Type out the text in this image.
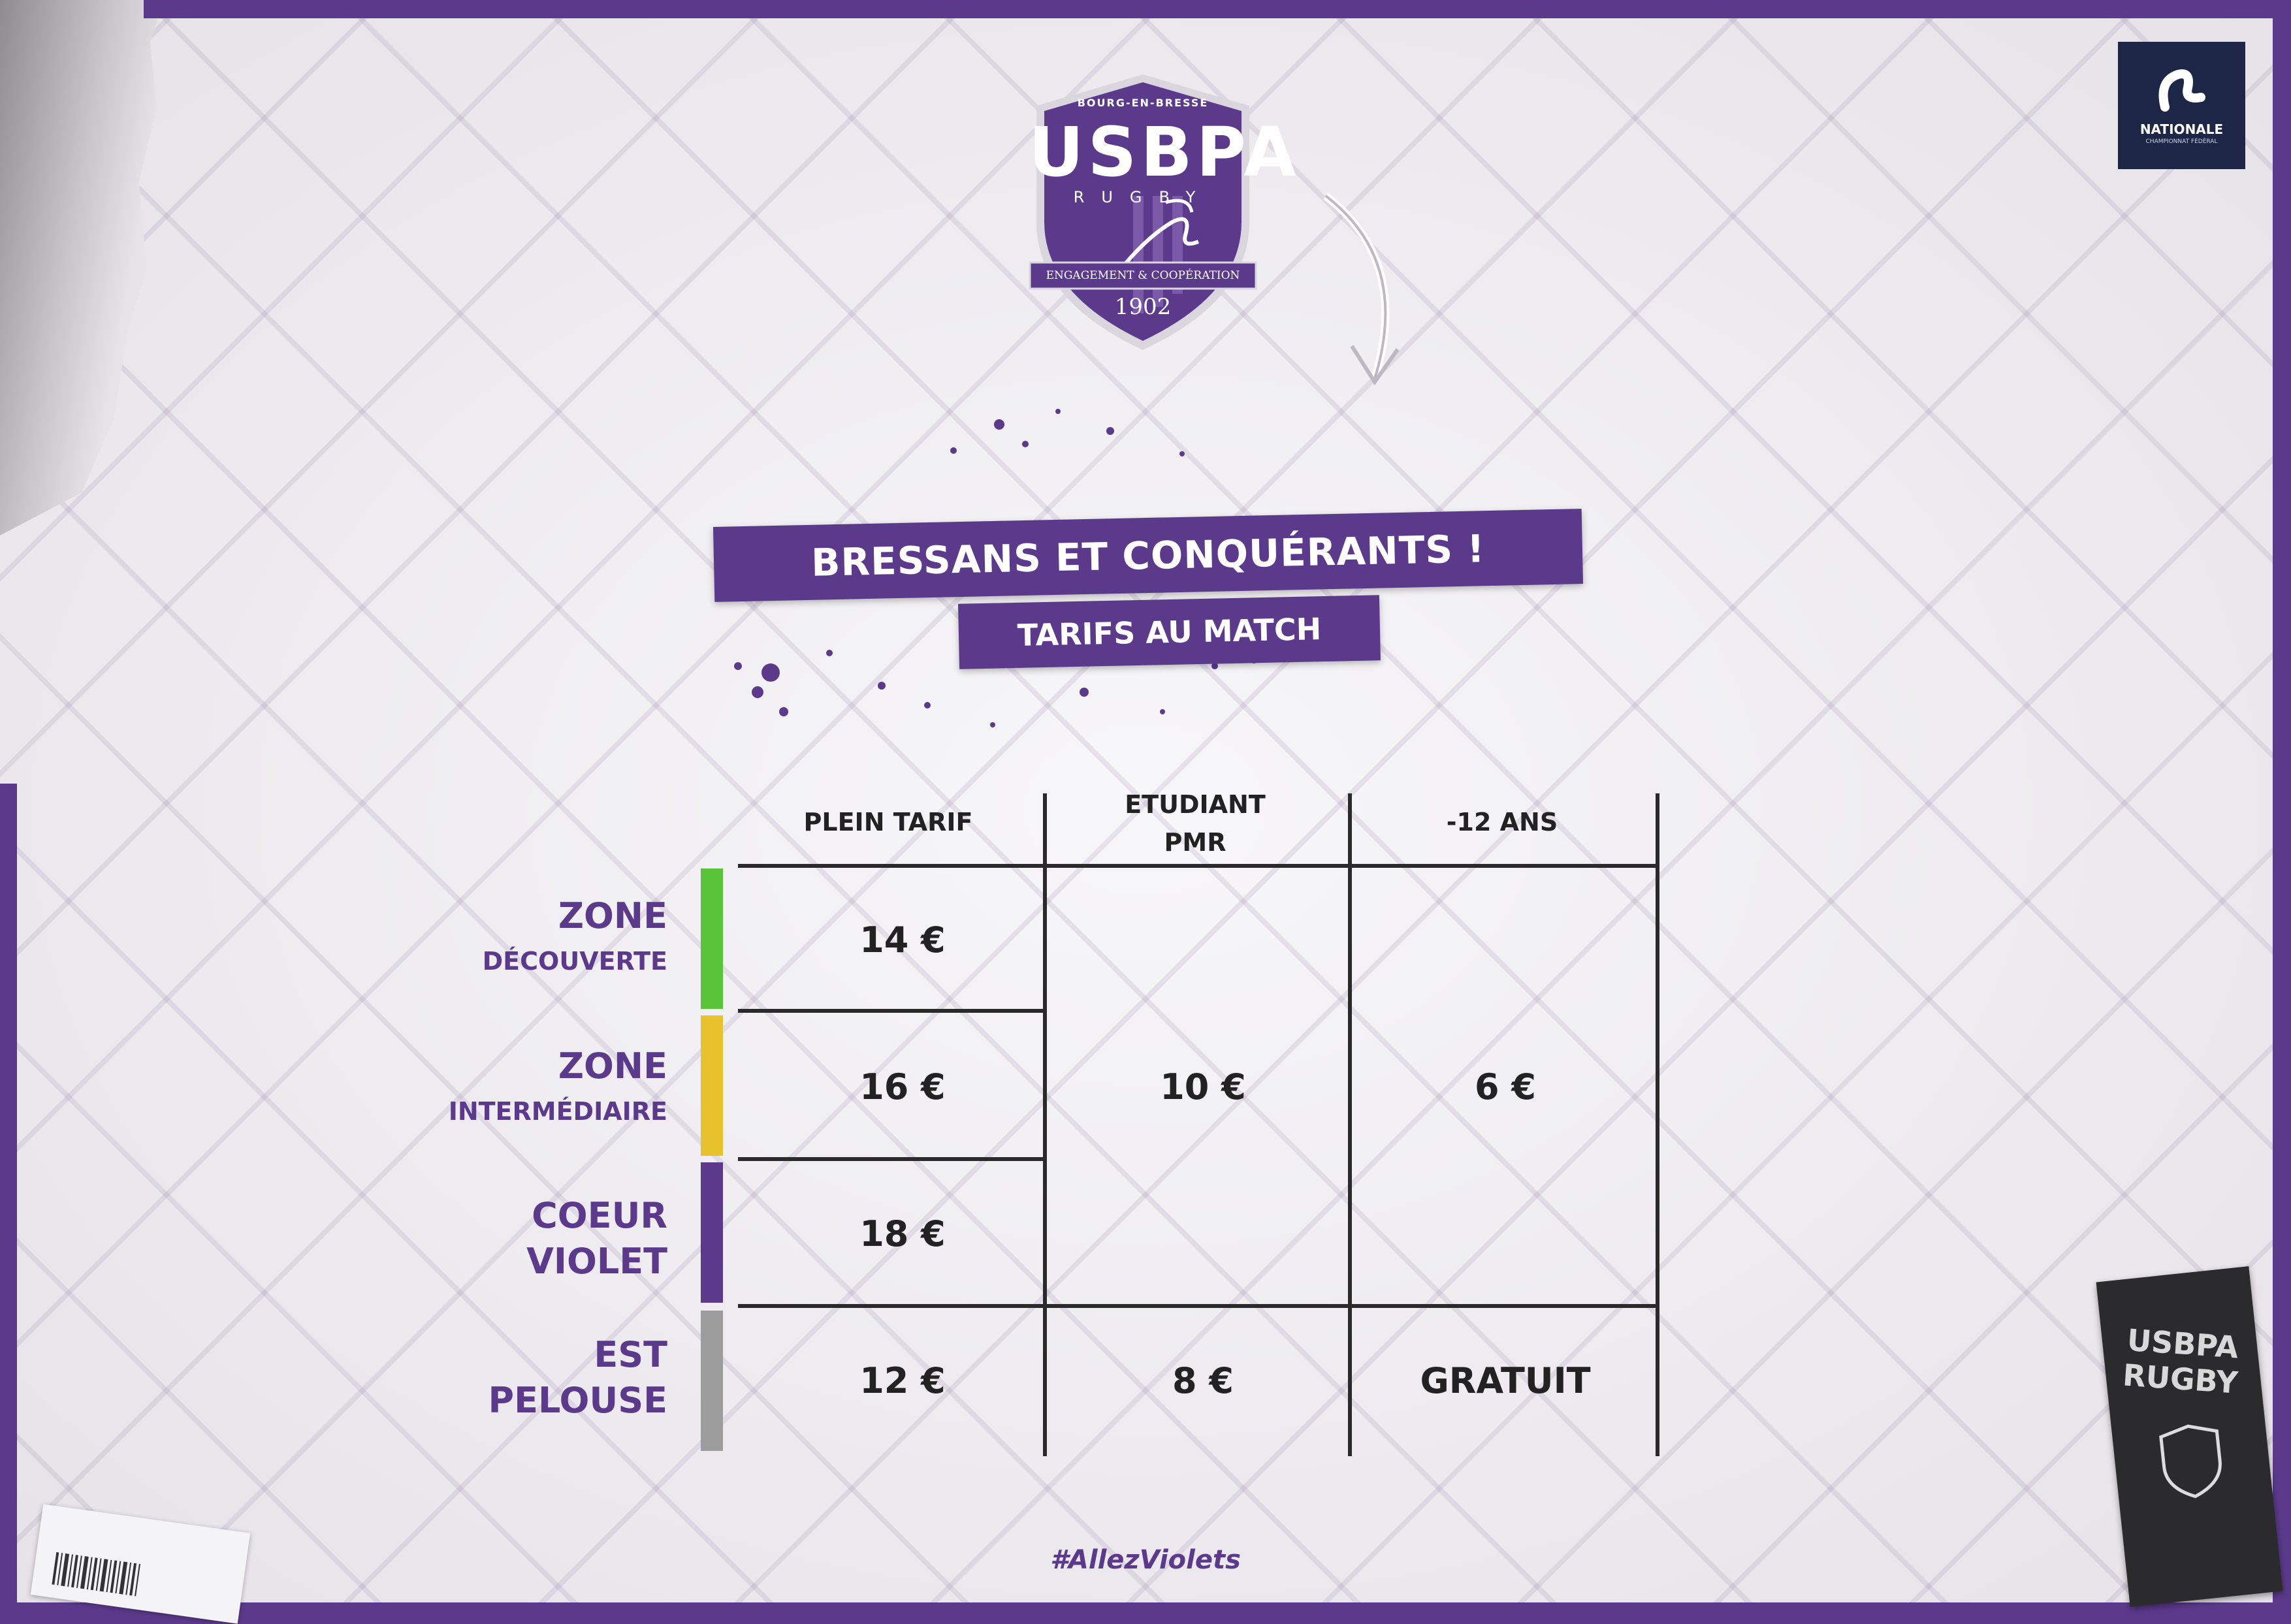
BOURG-EN-BRESSE
USBPA
RUGBY
ENGAGEMENT & COOPÉRATION
1902
NATIONALE
CHAMPIONNAT FÉDÉRAL
BRESSANS ET CONQUÉRANTS !
TARIFS AU MATCH
PLEIN TARIF
ETUDIANT
PMR
-12 ANS
ZONE
DÉCOUVERTE
ZONE
INTERMÉDIAIRE
COEUR
VIOLET
EST
PELOUSE
14 €
16 €
18 €
12 €
10 €	6 €
8 €	GRATUIT
#AllezViolets
USBPA RUGBY
